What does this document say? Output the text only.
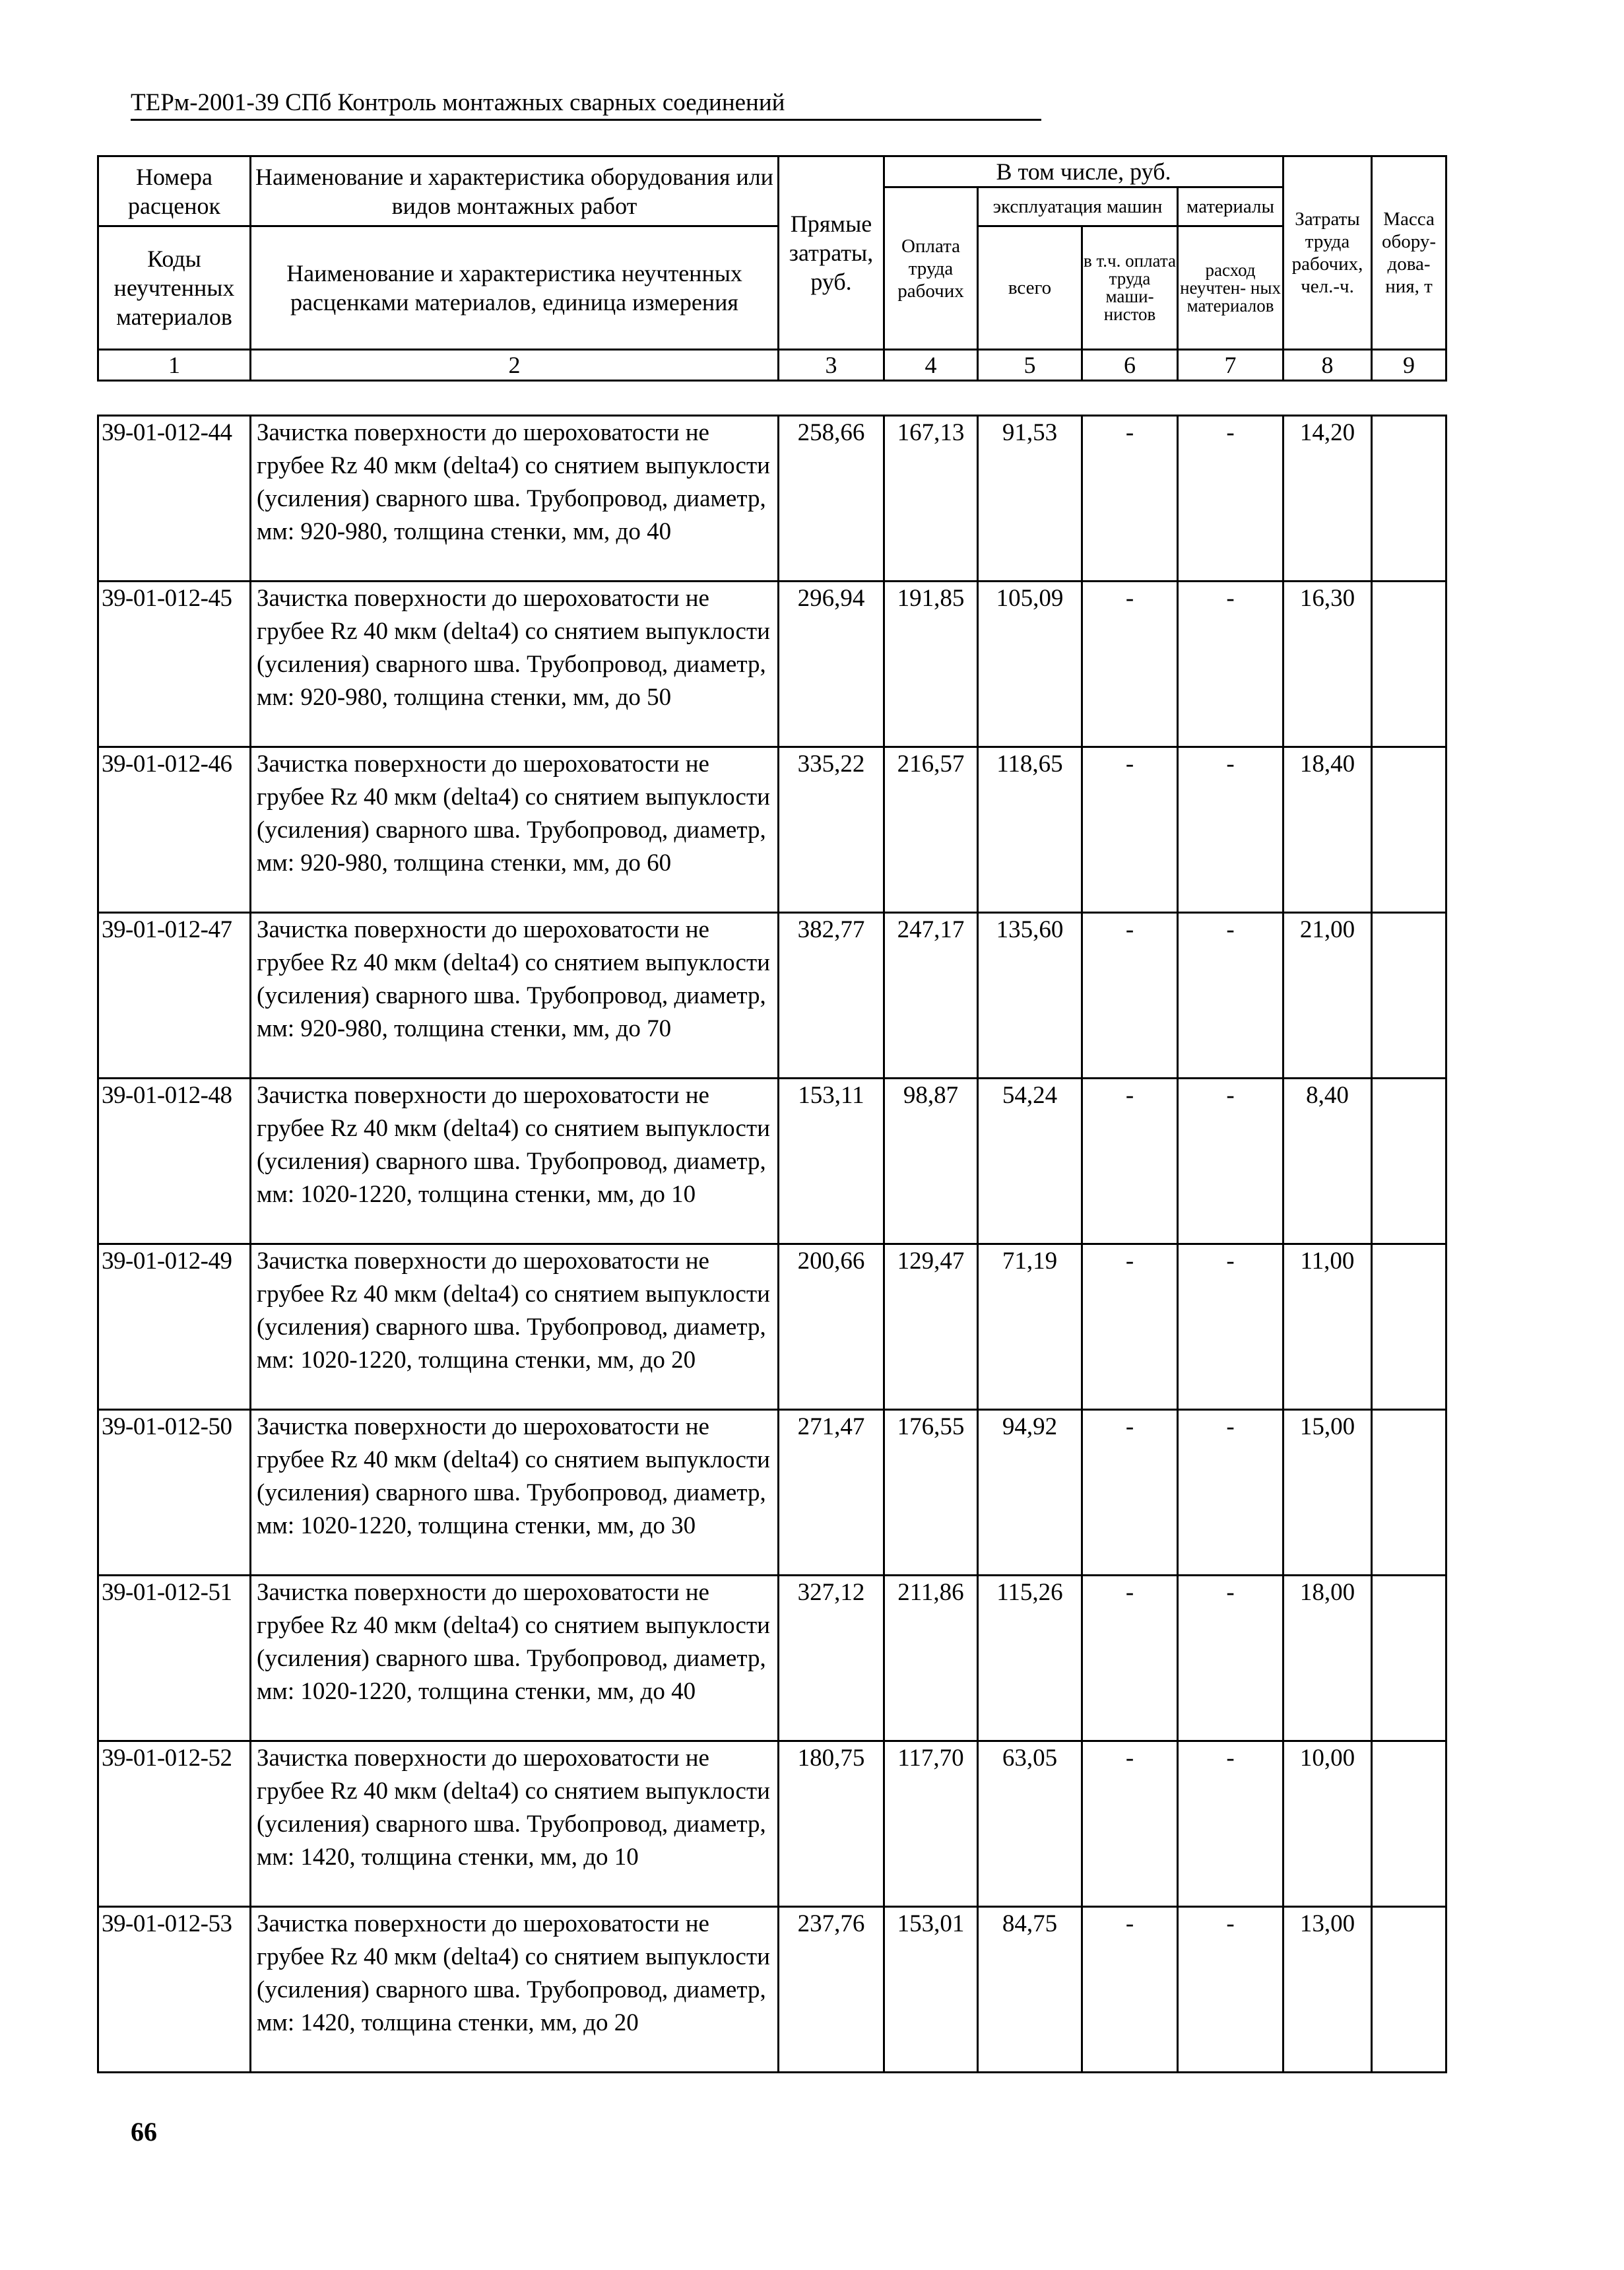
ТЕРм-2001-39 СПб Контроль монтажных сварных соединений
Номера расценок	Наименование и характеристика оборудования или видов монтажных работ	Прямые затраты, руб.	В том числе, руб.				Затраты труда рабочих, чел.-ч.	Масса обору- дова- ния, т
			Оплата труда рабочих	эксплуатация машин		материалы		

Коды неучтенных материалов	Наименование и характеристика неучтенных расценками материалов, единица измерения			всего	в т.ч. оплата труда маши- нистов	расход неучтен- ных материалов		

1	2	3	4	5	6	7	8	9
39-01-012-44	Зачистка поверхности до шероховатости не грубее Rz 40 мкм (delta4) со снятием выпуклости (усиления) сварного шва. Трубопровод, диаметр, мм: 920-980, толщина стенки, мм, до 40	258,66	167,13	91,53	-	-	14,20	
39-01-012-45	Зачистка поверхности до шероховатости не грубее Rz 40 мкм (delta4) со снятием выпуклости (усиления) сварного шва. Трубопровод, диаметр, мм: 920-980, толщина стенки, мм, до 50	296,94	191,85	105,09	-	-	16,30	
39-01-012-46	Зачистка поверхности до шероховатости не грубее Rz 40 мкм (delta4) со снятием выпуклости (усиления) сварного шва. Трубопровод, диаметр, мм: 920-980, толщина стенки, мм, до 60	335,22	216,57	118,65	-	-	18,40	
39-01-012-47	Зачистка поверхности до шероховатости не грубее Rz 40 мкм (delta4) со снятием выпуклости (усиления) сварного шва. Трубопровод, диаметр, мм: 920-980, толщина стенки, мм, до 70	382,77	247,17	135,60	-	-	21,00	
39-01-012-48	Зачистка поверхности до шероховатости не грубее Rz 40 мкм (delta4) со снятием выпуклости (усиления) сварного шва. Трубопровод, диаметр, мм: 1020-1220, толщина стенки, мм, до 10	153,11	98,87	54,24	-	-	8,40	
39-01-012-49	Зачистка поверхности до шероховатости не грубее Rz 40 мкм (delta4) со снятием выпуклости (усиления) сварного шва. Трубопровод, диаметр, мм: 1020-1220, толщина стенки, мм, до 20	200,66	129,47	71,19	-	-	11,00	
39-01-012-50	Зачистка поверхности до шероховатости не грубее Rz 40 мкм (delta4) со снятием выпуклости (усиления) сварного шва. Трубопровод, диаметр, мм: 1020-1220, толщина стенки, мм, до 30	271,47	176,55	94,92	-	-	15,00	
39-01-012-51	Зачистка поверхности до шероховатости не грубее Rz 40 мкм (delta4) со снятием выпуклости (усиления) сварного шва. Трубопровод, диаметр, мм: 1020-1220, толщина стенки, мм, до 40	327,12	211,86	115,26	-	-	18,00	
39-01-012-52	Зачистка поверхности до шероховатости не грубее Rz 40 мкм (delta4) со снятием выпуклости (усиления) сварного шва. Трубопровод, диаметр, мм: 1420, толщина стенки, мм, до 10	180,75	117,70	63,05	-	-	10,00	
39-01-012-53	Зачистка поверхности до шероховатости не грубее Rz 40 мкм (delta4) со снятием выпуклости (усиления) сварного шва. Трубопровод, диаметр, мм: 1420, толщина стенки, мм, до 20	237,76	153,01	84,75	-	-	13,00	
66
